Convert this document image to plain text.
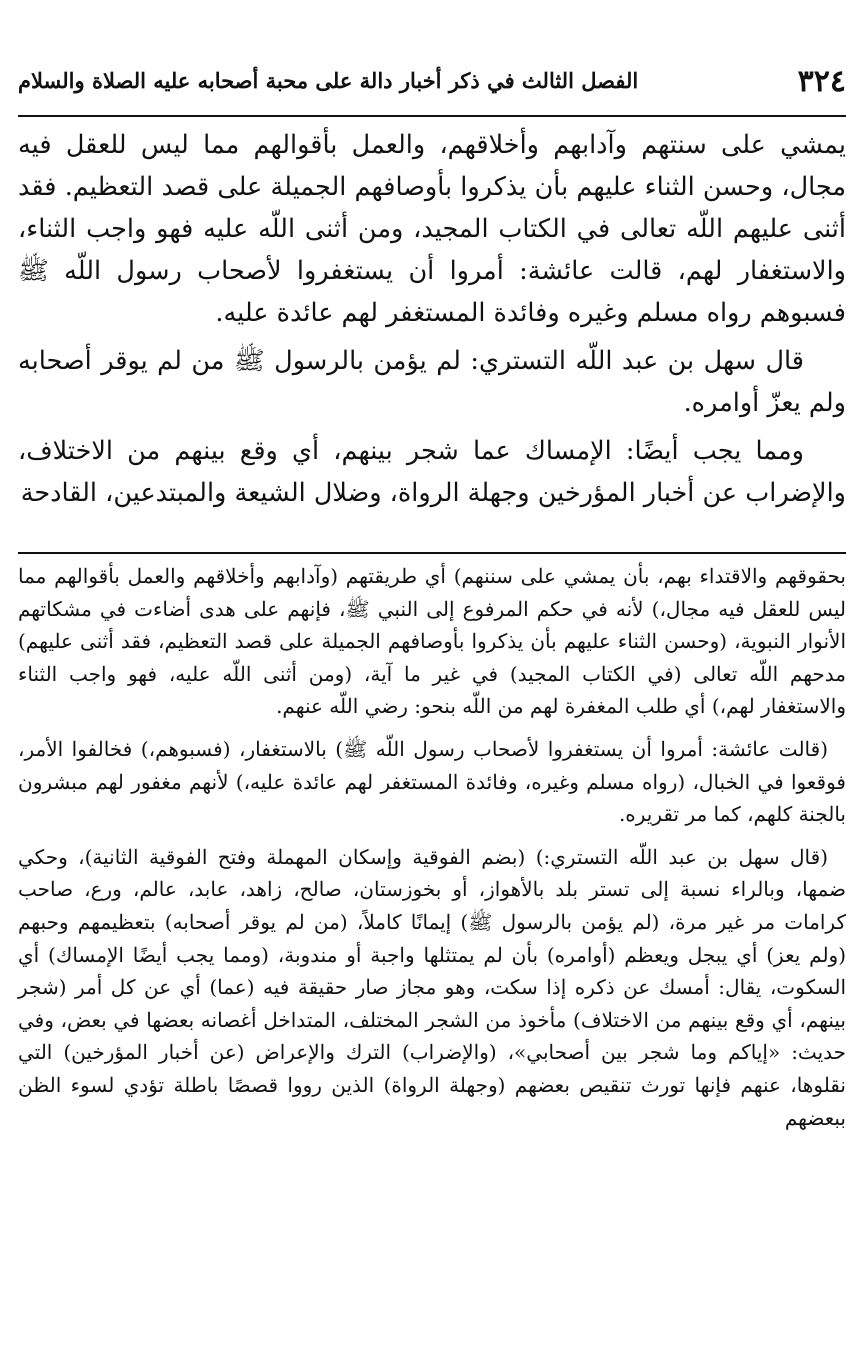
٣٢٤
الفصل الثالث في ذكر أخبار دالة على محبة أصحابه عليه الصلاة والسلام

يمشي على سنتهم وآدابهم وأخلاقهم، والعمل بأقوالهم مما ليس للعقل فيه مجال، وحسن الثناء عليهم بأن يذكروا بأوصافهم الجميلة على قصد التعظيم. فقد أثنى عليهم اللّه تعالى في الكتاب المجيد، ومن أثنى اللّه عليه فهو واجب الثناء، والاستغفار لهم، قالت عائشة: أمروا أن يستغفروا لأصحاب رسول اللّه ﷺ فسبوهم رواه مسلم وغيره وفائدة المستغفر لهم عائدة عليه.

قال سهل بن عبد اللّه التستري: لم يؤمن بالرسول ﷺ من لم يوقر أصحابه ولم يعزّ أوامره.

ومما يجب أيضًا: الإمساك عما شجر بينهم، أي وقع بينهم من الاختلاف، والإضراب عن أخبار المؤرخين وجهلة الرواة، وضلال الشيعة والمبتدعين، القادحة

بحقوقهم والاقتداء بهم، بأن يمشي على سننهم) أي طريقتهم (وآدابهم وأخلاقهم والعمل بأقوالهم مما ليس للعقل فيه مجال،) لأنه في حكم المرفوع إلى النبي ﷺ، فإنهم على هدى أضاءت في مشكاتهم الأنوار النبوية، (وحسن الثناء عليهم بأن يذكروا بأوصافهم الجميلة على قصد التعظيم، فقد أثنى عليهم) مدحهم اللّه تعالى (في الكتاب المجيد) في غير ما آية، (ومن أثنى اللّه عليه، فهو واجب الثناء والاستغفار لهم،) أي طلب المغفرة لهم من اللّه بنحو: رضي اللّه عنهم.

(قالت عائشة: أمروا أن يستغفروا لأصحاب رسول اللّه ﷺ) بالاستغفار، (فسبوهم،) فخالفوا الأمر، فوقعوا في الخبال، (رواه مسلم وغيره، وفائدة المستغفر لهم عائدة عليه،) لأنهم مغفور لهم مبشرون بالجنة كلهم، كما مر تقريره.

(قال سهل بن عبد اللّه التستري:) (بضم الفوقية وإسكان المهملة وفتح الفوقية الثانية)، وحكي ضمها، وبالراء نسبة إلى تستر بلد بالأهواز، أو بخوزستان، صالح، زاهد، عابد، عالم، ورع، صاحب كرامات مر غير مرة، (لم يؤمن بالرسول ﷺ) إيمانًا كاملاً، (من لم يوقر أصحابه) بتعظيمهم وحبهم (ولم يعز) أي يبجل ويعظم (أوامره) بأن لم يمتثلها واجبة أو مندوبة، (ومما يجب أيضًا الإمساك) أي السكوت، يقال: أمسك عن ذكره إذا سكت، وهو مجاز صار حقيقة فيه (عما) أي عن كل أمر (شجر بينهم، أي وقع بينهم من الاختلاف) مأخوذ من الشجر المختلف، المتداخل أغصانه بعضها في بعض، وفي حديث: «إياكم وما شجر بين أصحابي»، (والإضراب) الترك والإعراض (عن أخبار المؤرخين) التي نقلوها، عنهم فإنها تورث تنقيص بعضهم (وجهلة الرواة) الذين رووا قصصًا باطلة تؤدي لسوء الظن ببعضهم
